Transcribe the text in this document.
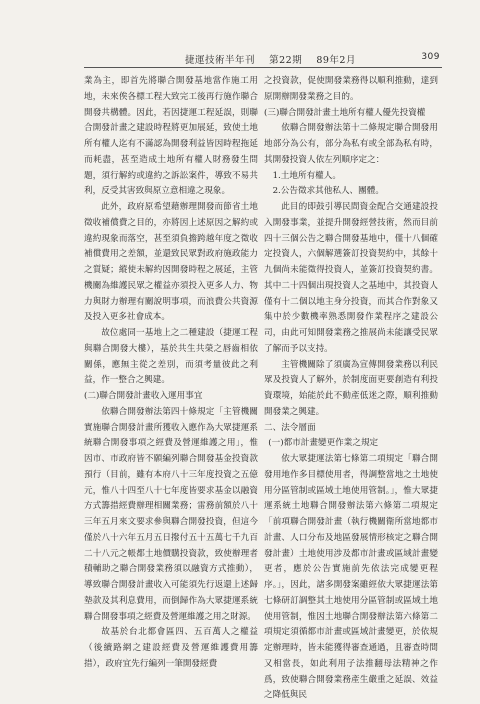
捷運技術半年刊 第22期 89年2月	309

業為主，即首先將聯合開發基地當作施工用地，未來俟各標工程大致完工後再行施作聯合開發共構體。因此，若因捷運工程延誤，則聯合開發計畫之建設時程將更加展延，致使土地所有權人迄有不滿認為開發利益皆因時程拖延而耗盡，甚至造成土地所有權人財務發生問題，須行解約或違約之訴訟案件，導致不易共利，反受其害致與原立意相違之現象。

此外，政府原希望藉辦理開發而節省土地徵收補償費之目的，亦將因上述原因之解約或違約現象而落空，甚至須負擔跨越年度之徵收補償費用之差額，並還致民眾對政府施政能力之質疑；縱使未解約因開發時程之展延，主管機關為維護民眾之權益亦須投入更多人力、物力與財力辦理有關說明事項，而浪費公共資源及投入更多社會成本。

故位處同一基地上之二種建設（捷運工程與聯合開發大樓），基於共生共榮之唇齒相依關係，應無主從之差別，而須考量彼此之利益，作一整合之興建。

(二)聯合開發計畫收入運用事宜

依聯合開發辦法第四十條規定「主管機關實施聯合開發計畫所獲收入應作為大眾捷運系統聯合開發事項之經費及營運維護之用」，惟因市、市政府皆不願編列聯合開發基金投資款預行（目前，雖有本府八十三年度投資之五億元，惟八十四至八十七年度皆要求基金以融資方式籌措經費辦理相關業務；雷務前額於八十三年五月來文要求參與聯合開發投資，但這今僅於八十六年五月五日撥付五十五萬七千九百二十八元之帳都土地價購投資款，致使辦理者積輔助之聯合開發業務須以融資方式推動），導致聯合開發計畫收入可能須先行返還上述歸墊款及其利息費用，而倒歸作為大眾捷運系統聯合開發事項之經費及營運維護之用之財源。

故基於台北都會區四、五百萬人之權益（後續路網之建設經費及營運維護費用籌措），政府宜先行編列一筆開發經費

之投資款，促使開發業務得以順利推動，達到原開辦開發業務之目的。

(三)聯合開發計畫土地所有權人優先投資權

依聯合開發辦法第十二條規定聯合開發用地部分為公有，部分為私有或全部為私有時，其開發投資人依左列順序定之：

1.土地所有權人。

2.公告徵求其他私人、團體。

此目的即鼓引導民間資金配合交通建設投入開發事業，並提升開發經營技術，然而目前四十三個公告之聯合開發基地中，僅十八個確定投資人，六個解選簽訂投資契約中，其餘十九個尚未能徵得投資人，並簽訂投資契約書。其中二十四個出現投資人之基地中，其投資人僅有十二個以地主身分投資，而其合作對象又集中於少數機率熟悉開發作業程序之建設公司，由此可知開發業務之推展尚未能讓受民眾了解而予以支持。

主管機關除了須廣為宣傳開發業務以利民眾及投資人了解外，於制度面更要創造有利投資環境，始能於此不動產低迷之際，順利推動開發業之興建。

二、法令層面

(一)都市計畫變更作業之規定

依大眾捷運法第七條第二項規定「聯合開發用地作多目標使用者，得調整當地之土地使用分區管制或區域土地使用管制。」，惟大眾捷運系統土地聯合開發辦法第六條第二項規定「前項聯合開發計畫（執行機關衛所當地都市計畫、人口分布及地區發展情形核定之聯合開發計畫）土地使用涉及都市計畫或區域計畫變更者，應於公告實施前先依法完成變更程序。」，因此，諸多開發案雖經依大眾捷運法第七條研訂調整其土地使用分區管制或區域土地使用管制，惟因土地聯合開發辦法第六條第二項規定須循都市計畫或區域計畫變更，於依規定辦理時，皆未能獲得審查通過，且審查時間又相當長，如此利用子法推翻母法精神之作爲，致使聯合開發業務產生嚴重之延誤、效益之降低與民
